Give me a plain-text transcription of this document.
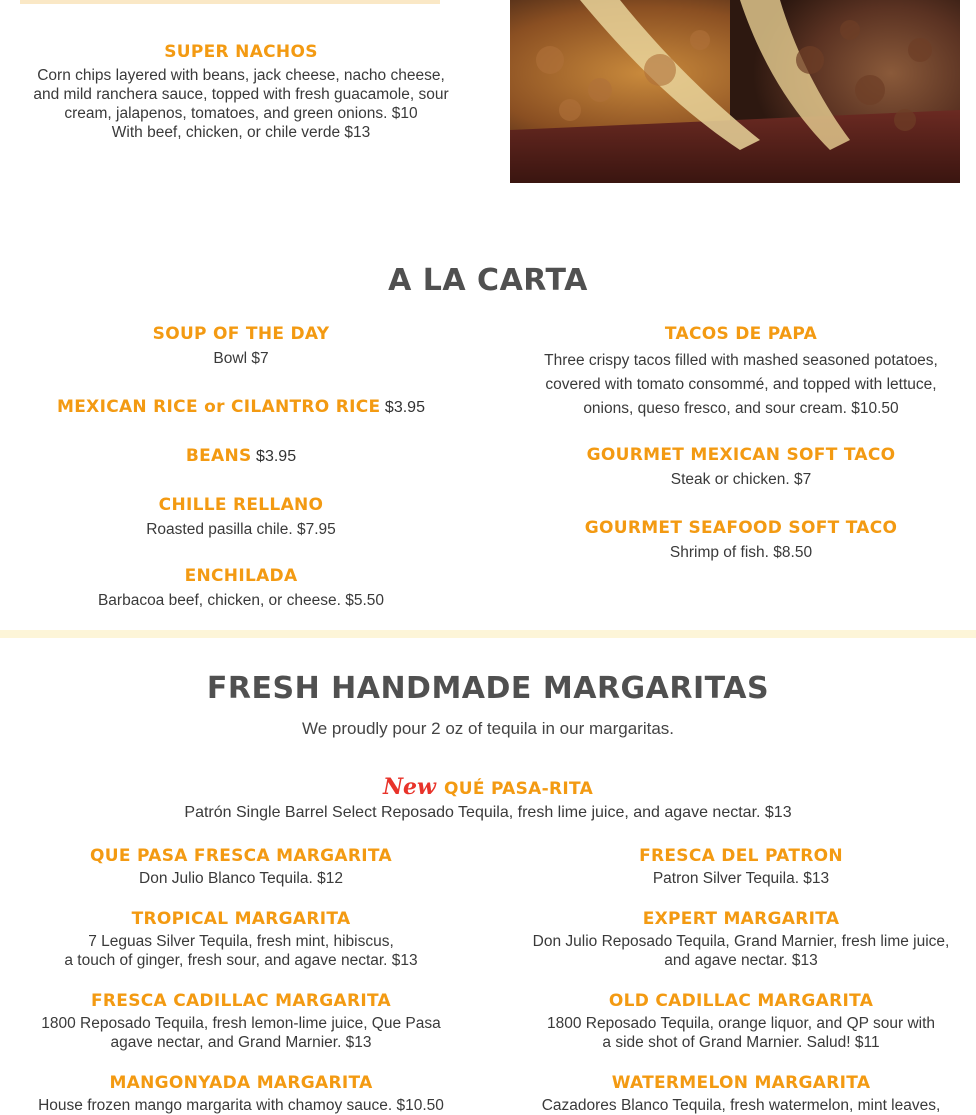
SUPER NACHOS
Corn chips layered with beans, jack cheese, nacho cheese,
and mild ranchera sauce, topped with fresh guacamole, sour
cream, jalapenos, tomatoes, and green onions. $10
With beef, chicken, or chile verde $13
A LA CARTA
SOUP OF THE DAY
Bowl $7
MEXICAN RICE or CILANTRO RICE $3.95
BEANS $3.95
CHILLE RELLANO
Roasted pasilla chile. $7.95
ENCHILADA
Barbacoa beef, chicken, or cheese. $5.50
TACOS DE PAPA
Three crispy tacos filled with mashed seasoned potatoes,
covered with tomato consommé, and topped with lettuce,
onions, queso fresco, and sour cream. $10.50
GOURMET MEXICAN SOFT TACO
Steak or chicken. $7
GOURMET SEAFOOD SOFT TACO
Shrimp of fish. $8.50
FRESH HANDMADE MARGARITAS
We proudly pour 2 oz of tequila in our margaritas.
New QUÉ PASA-RITA
Patrón Single Barrel Select Reposado Tequila, fresh lime juice, and agave nectar. $13
QUE PASA FRESCA MARGARITA
Don Julio Blanco Tequila. $12
TROPICAL MARGARITA
7 Leguas Silver Tequila, fresh mint, hibiscus,
a touch of ginger, fresh sour, and agave nectar. $13
FRESCA CADILLAC MARGARITA
1800 Reposado Tequila, fresh lemon-lime juice, Que Pasa
agave nectar, and Grand Marnier. $13
MANGONYADA MARGARITA
House frozen mango margarita with chamoy sauce. $10.50
FRESCA DEL PATRON
Patron Silver Tequila. $13
EXPERT MARGARITA
Don Julio Reposado Tequila, Grand Marnier, fresh lime juice,
and agave nectar. $13
OLD CADILLAC MARGARITA
1800 Reposado Tequila, orange liquor, and QP sour with
a side shot of Grand Marnier. Salud! $11
WATERMELON MARGARITA
Cazadores Blanco Tequila, fresh watermelon, mint leaves,
